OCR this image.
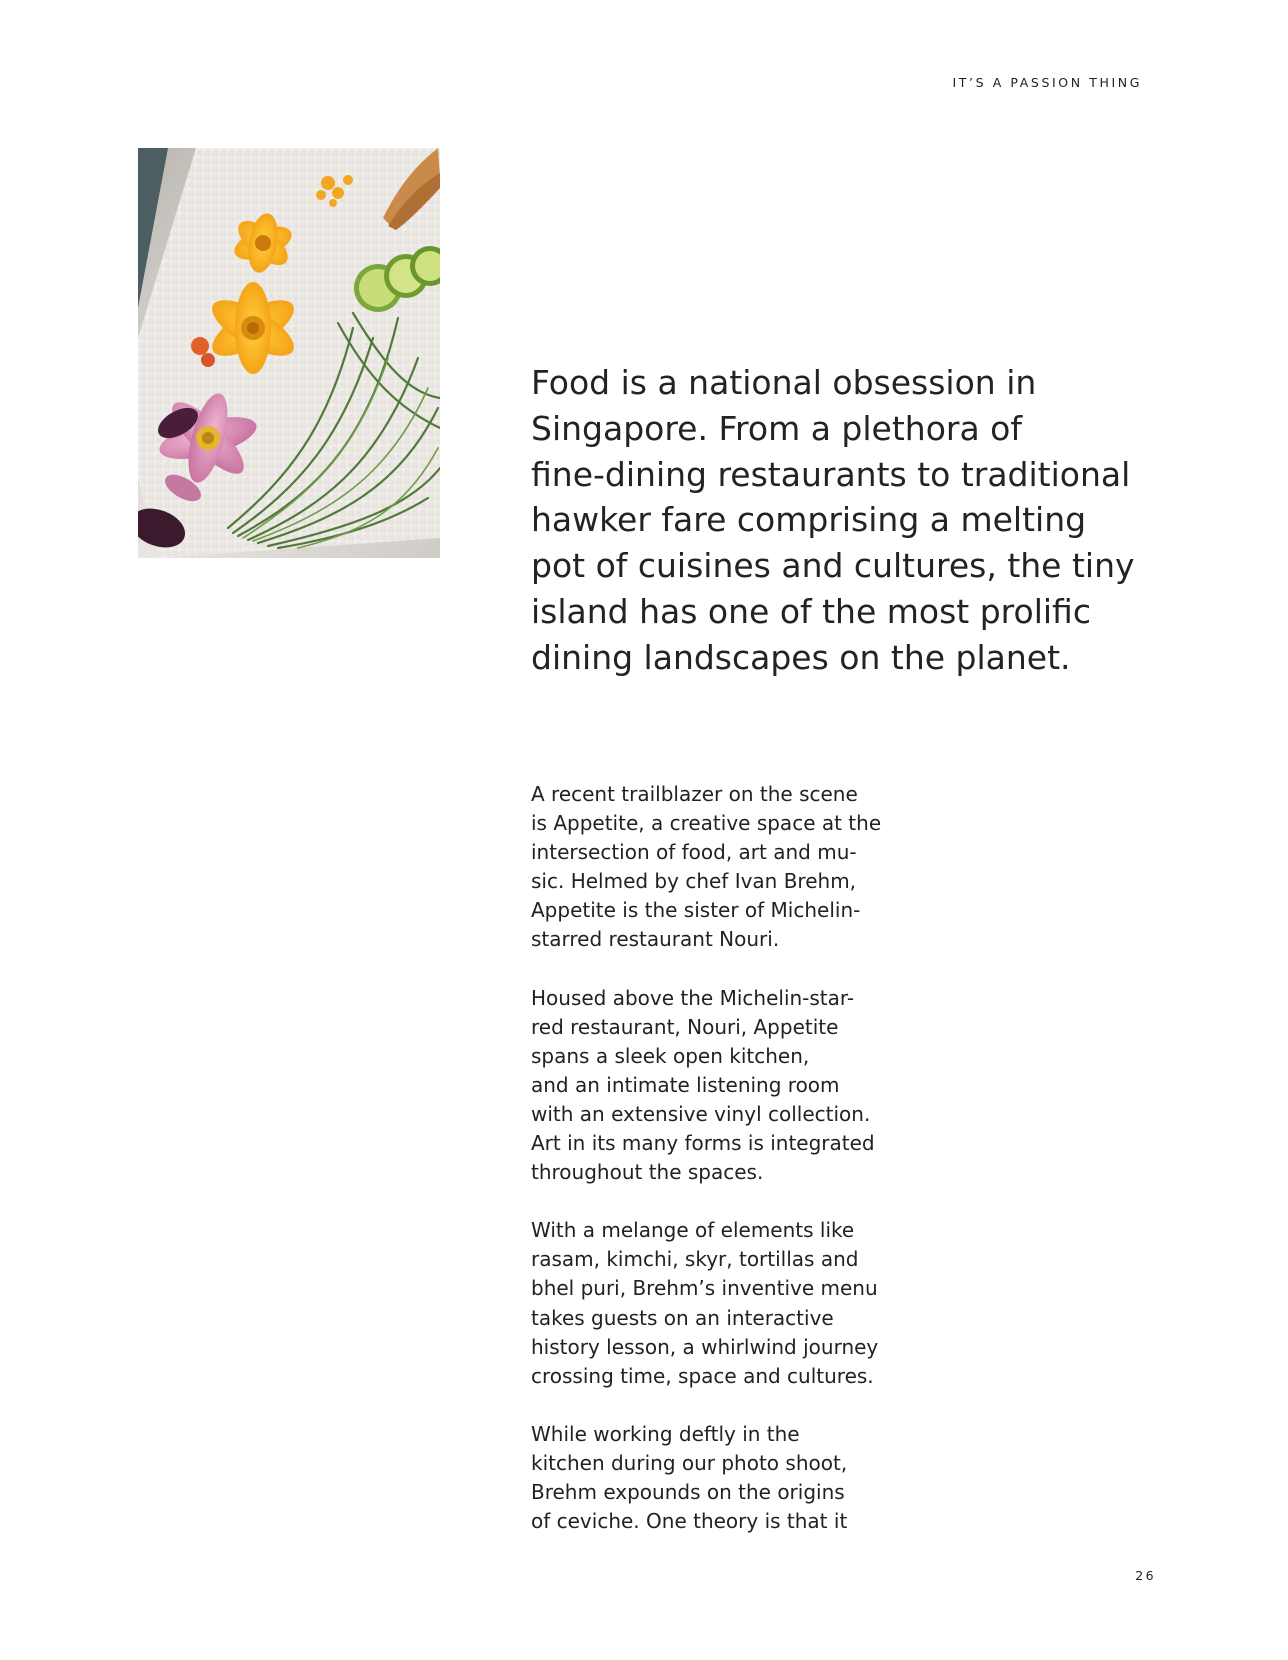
IT’S A PASSION THING
Food is a national obsession in
Singapore. From a plethora of
fine-dining restaurants to traditional
hawker fare comprising a melting
pot of cuisines and cultures, the tiny
island has one of the most prolific
dining landscapes on the planet.

A recent trailblazer on the scene
is Appetite, a creative space at the
intersection of food, art and mu-
sic. Helmed by chef Ivan Brehm,
Appetite is the sister of Michelin-
starred restaurant Nouri.

Housed above the Michelin-star-
red restaurant, Nouri, Appetite
spans a sleek open kitchen,
and an intimate listening room
with an extensive vinyl collection.
Art in its many forms is integrated
throughout the spaces.

With a melange of elements like
rasam, kimchi, skyr, tortillas and
bhel puri, Brehm’s inventive menu
takes guests on an interactive
history lesson, a whirlwind journey
crossing time, space and cultures.

While working deftly in the
kitchen during our photo shoot,
Brehm expounds on the origins
of ceviche. One theory is that it

26
